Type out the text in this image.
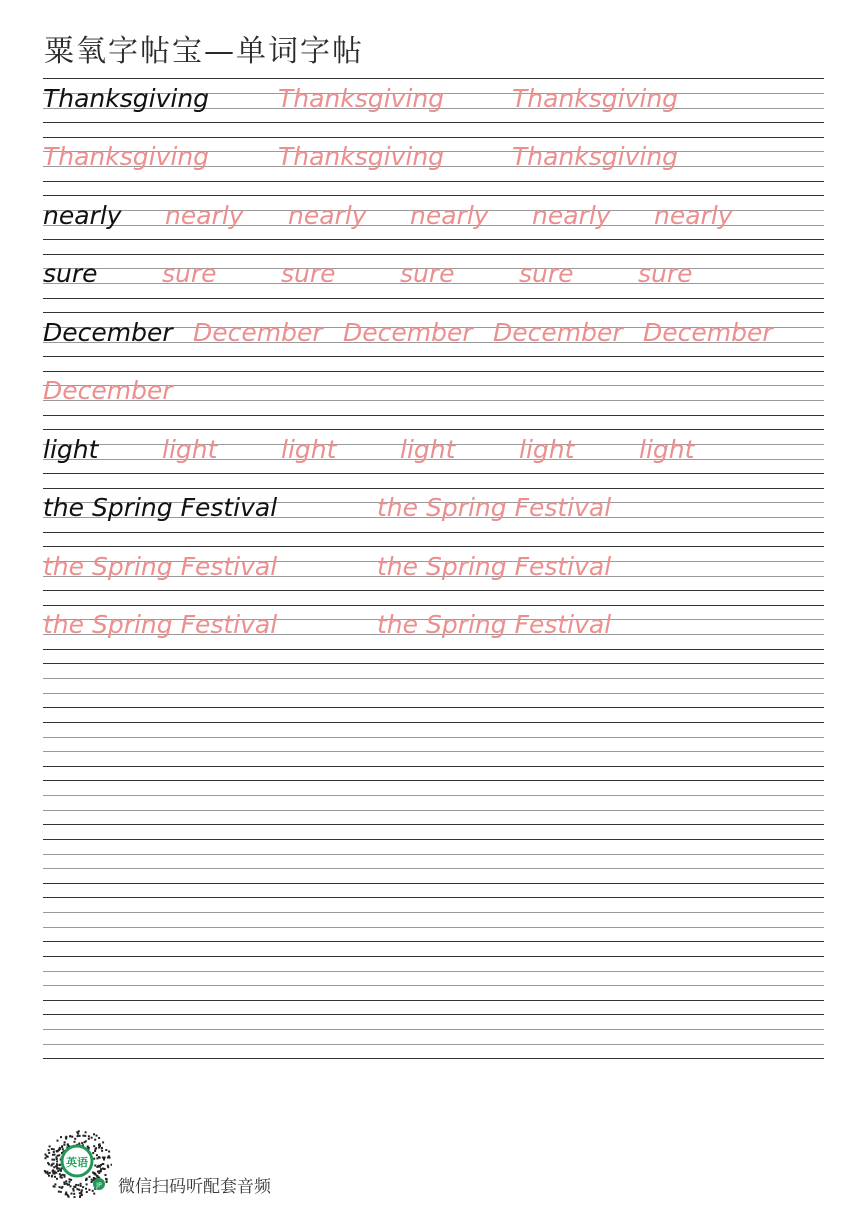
粟氧字帖宝—单词字帖
Thanksgiving	Thanksgiving	Thanksgiving
Thanksgiving	Thanksgiving	Thanksgiving
nearly nearly nearly nearly nearly nearly
sure	sure	sure	sure	sure	sure
December December December December December
December
light	light	light	light	light	light
the Spring Festival	the Spring Festival
the Spring Festival	the Spring Festival
the Spring Festival	the Spring Festival
英语
JP 微信扫码听配套音频
